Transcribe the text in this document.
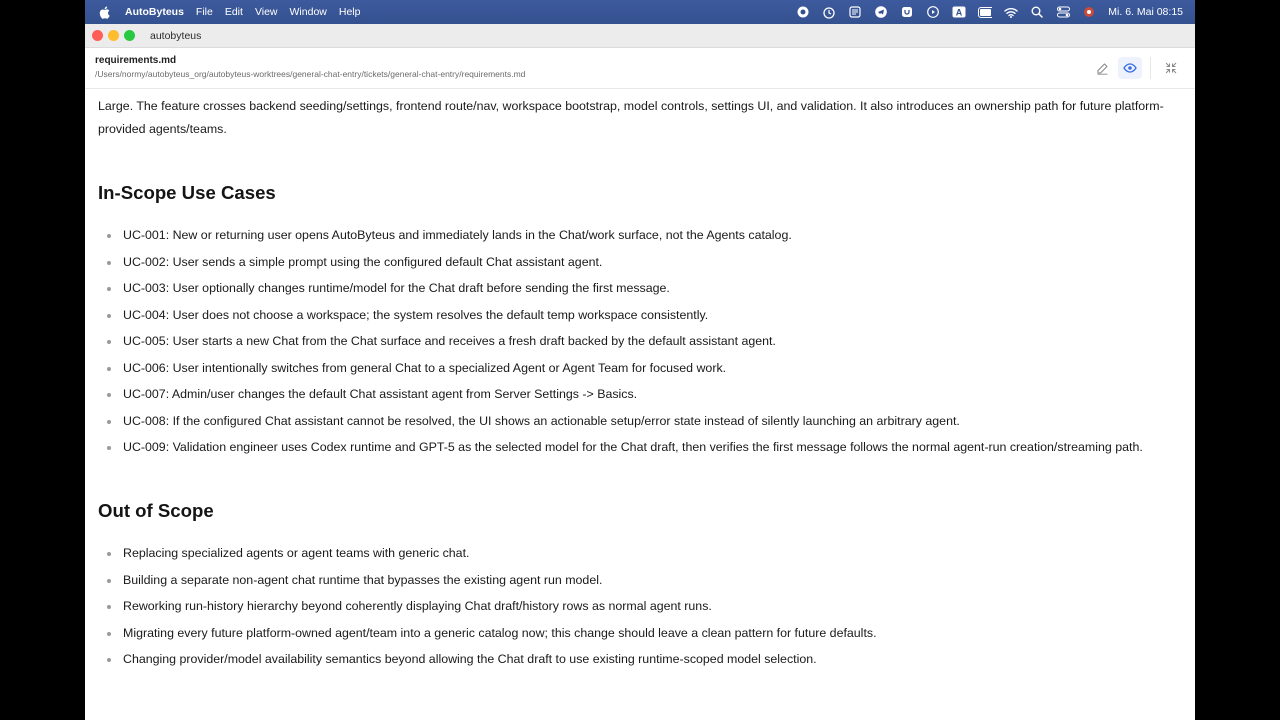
AutoByteus File Edit View Window Help	A	Mi. 6. Mai 08:15
autobyteus
requirements.md
/Users/normy/autobyteus_org/autobyteus-worktrees/general-chat-entry/tickets/general-chat-entry/requirements.md

Large. The feature crosses backend seeding/settings, frontend route/nav, workspace bootstrap, model controls, settings UI, and validation. It also introduces an ownership path for future platform-provided agents/teams.

In-Scope Use Cases
UC-001: New or returning user opens AutoByteus and immediately lands in the Chat/work surface, not the Agents catalog.
UC-002: User sends a simple prompt using the configured default Chat assistant agent.
UC-003: User optionally changes runtime/model for the Chat draft before sending the first message.
UC-004: User does not choose a workspace; the system resolves the default temp workspace consistently.
UC-005: User starts a new Chat from the Chat surface and receives a fresh draft backed by the default assistant agent.
UC-006: User intentionally switches from general Chat to a specialized Agent or Agent Team for focused work.
UC-007: Admin/user changes the default Chat assistant agent from Server Settings -> Basics.
UC-008: If the configured Chat assistant cannot be resolved, the UI shows an actionable setup/error state instead of silently launching an arbitrary agent.
UC-009: Validation engineer uses Codex runtime and GPT-5 as the selected model for the Chat draft, then verifies the first message follows the normal agent-run creation/streaming path.
Out of Scope
Replacing specialized agents or agent teams with generic chat.
Building a separate non-agent chat runtime that bypasses the existing agent run model.
Reworking run-history hierarchy beyond coherently displaying Chat draft/history rows as normal agent runs.
Migrating every future platform-owned agent/team into a generic catalog now; this change should leave a clean pattern for future defaults.
Changing provider/model availability semantics beyond allowing the Chat draft to use existing runtime-scoped model selection.
